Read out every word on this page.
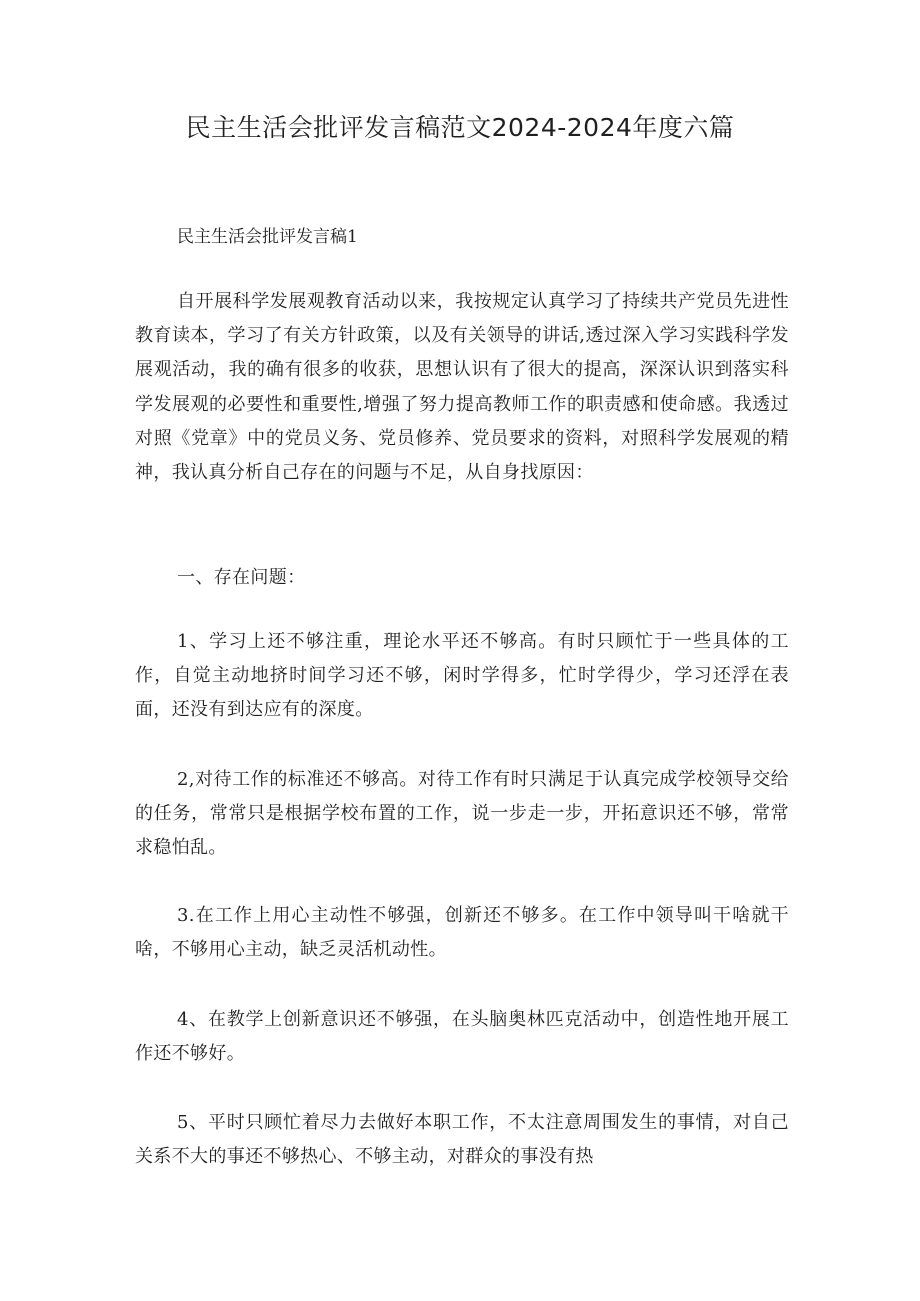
民主生活会批评发言稿范文2024-2024年度六篇
民主生活会批评发言稿1

自开展科学发展观教育活动以来，我按规定认真学习了持续共产党员先进性教育读本，学习了有关方针政策，以及有关领导的讲话,透过深入学习实践科学发展观活动，我的确有很多的收获，思想认识有了很大的提高，深深认识到落实科学发展观的必要性和重要性,增强了努力提高教师工作的职责感和使命感。我透过对照《党章》中的党员义务、党员修养、党员要求的资料，对照科学发展观的精神，我认真分析自己存在的问题与不足，从自身找原因：

一、存在问题：

1、学习上还不够注重，理论水平还不够高。有时只顾忙于一些具体的工作，自觉主动地挤时间学习还不够，闲时学得多，忙时学得少，学习还浮在表面，还没有到达应有的深度。

2,对待工作的标准还不够高。对待工作有时只满足于认真完成学校领导交给的任务，常常只是根据学校布置的工作，说一步走一步，开拓意识还不够，常常求稳怕乱。

3.在工作上用心主动性不够强，创新还不够多。在工作中领导叫干啥就干啥，不够用心主动，缺乏灵活机动性。

4、在教学上创新意识还不够强，在头脑奥林匹克活动中，创造性地开展工作还不够好。

5、平时只顾忙着尽力去做好本职工作，不太注意周围发生的事情，对自己关系不大的事还不够热心、不够主动，对群众的事没有热
